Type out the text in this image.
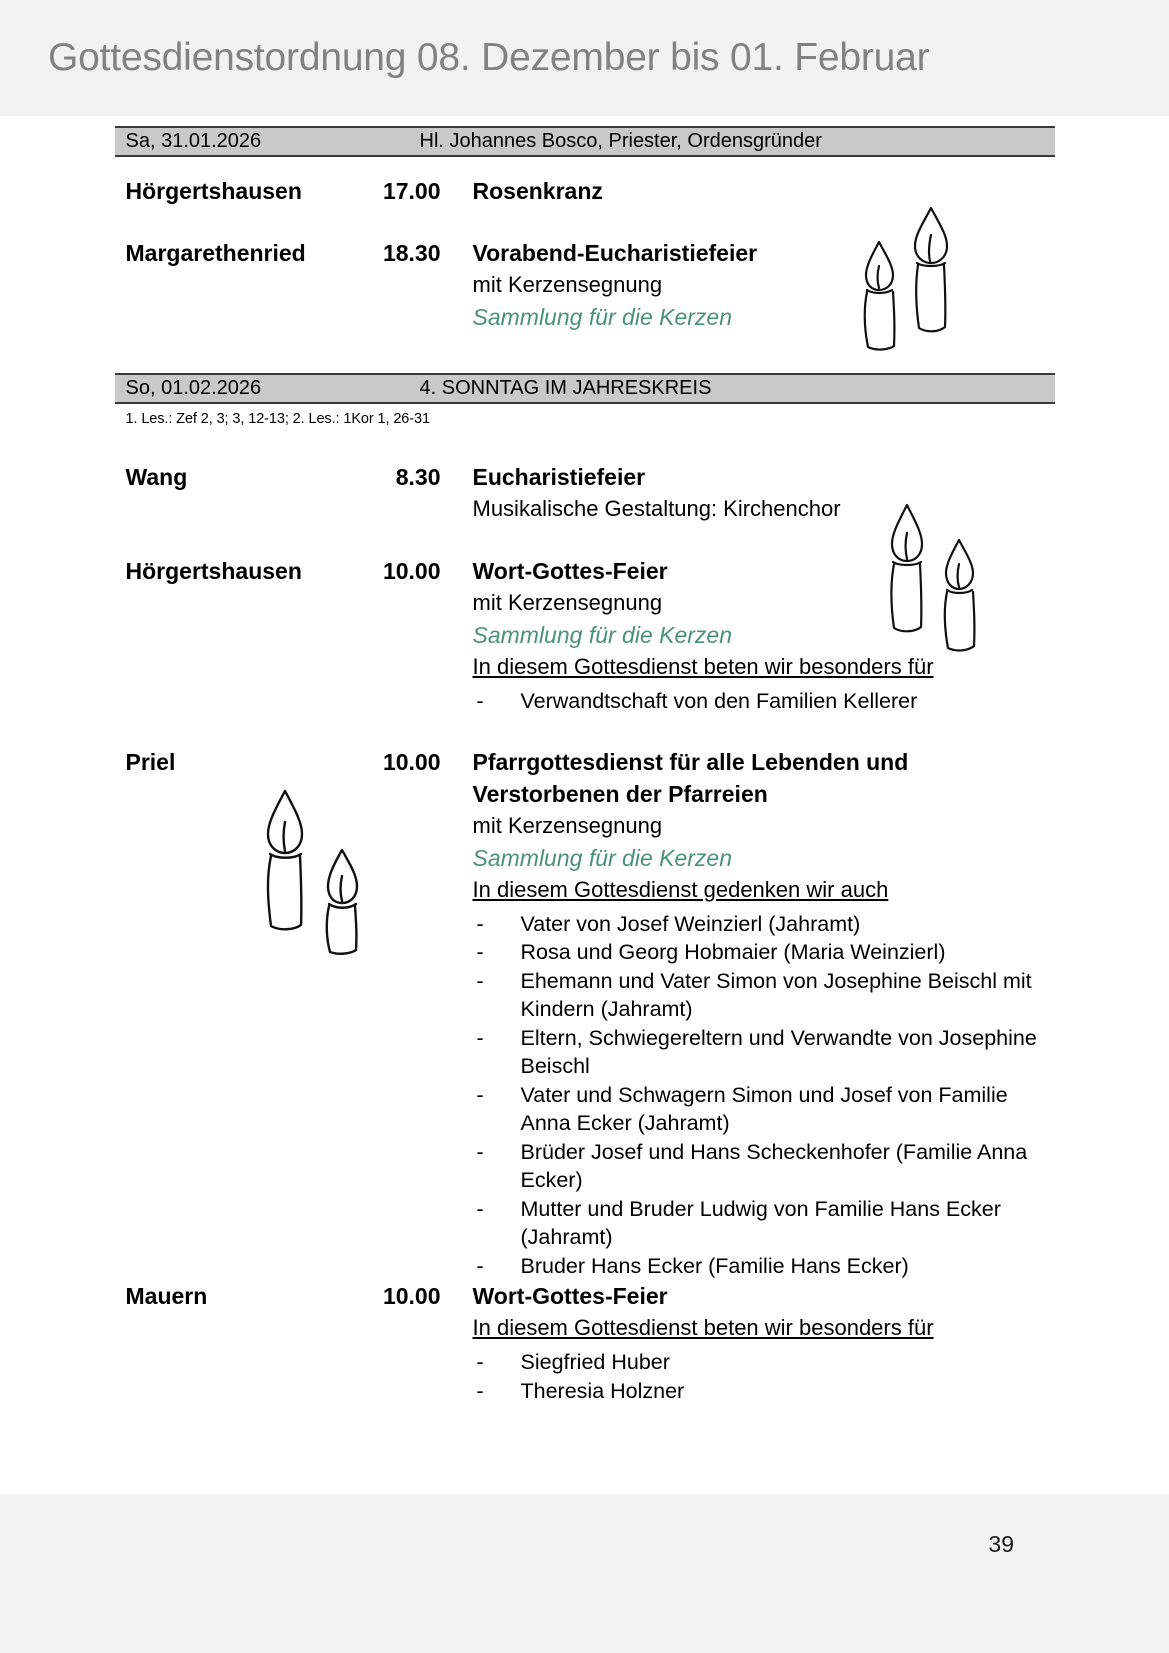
Gottesdienstordnung 08. Dezember bis 01. Februar
Sa, 31.01.2026	Hl. Johannes Bosco, Priester, Ordensgründer
Hörgertshausen	17.00 Rosenkranz
Margarethenried	18.30 Vorabend-Eucharistiefeier
mit Kerzensegnung
Sammlung für die Kerzen
So, 01.02.2026	4. SONNTAG IM JAHRESKREIS
1. Les.: Zef 2, 3; 3, 12-13; 2. Les.: 1Kor 1, 26-31
Wang	8.30 Eucharistiefeier
Musikalische Gestaltung: Kirchenchor
Hörgertshausen	10.00 Wort-Gottes-Feier
mit Kerzensegnung
Sammlung für die Kerzen
In diesem Gottesdienst beten wir besonders für
- Verwandtschaft von den Familien Kellerer
Priel	10.00 Pfarrgottesdienst für alle Lebenden und Verstorbenen der Pfarreien
mit Kerzensegnung
Sammlung für die Kerzen
In diesem Gottesdienst gedenken wir auch
- Vater von Josef Weinzierl (Jahramt)
- Rosa und Georg Hobmaier (Maria Weinzierl)
- Ehemann und Vater Simon von Josephine Beischl mit Kindern (Jahramt)
- Eltern, Schwiegereltern und Verwandte von Josephine Beischl
- Vater und Schwagern Simon und Josef von Familie Anna Ecker (Jahramt)
- Brüder Josef und Hans Scheckenhofer (Familie Anna Ecker)
- Mutter und Bruder Ludwig von Familie Hans Ecker (Jahramt)
- Bruder Hans Ecker (Familie Hans Ecker)
Mauern	10.00 Wort-Gottes-Feier
In diesem Gottesdienst beten wir besonders für
- Siegfried Huber
- Theresia Holzner
39
